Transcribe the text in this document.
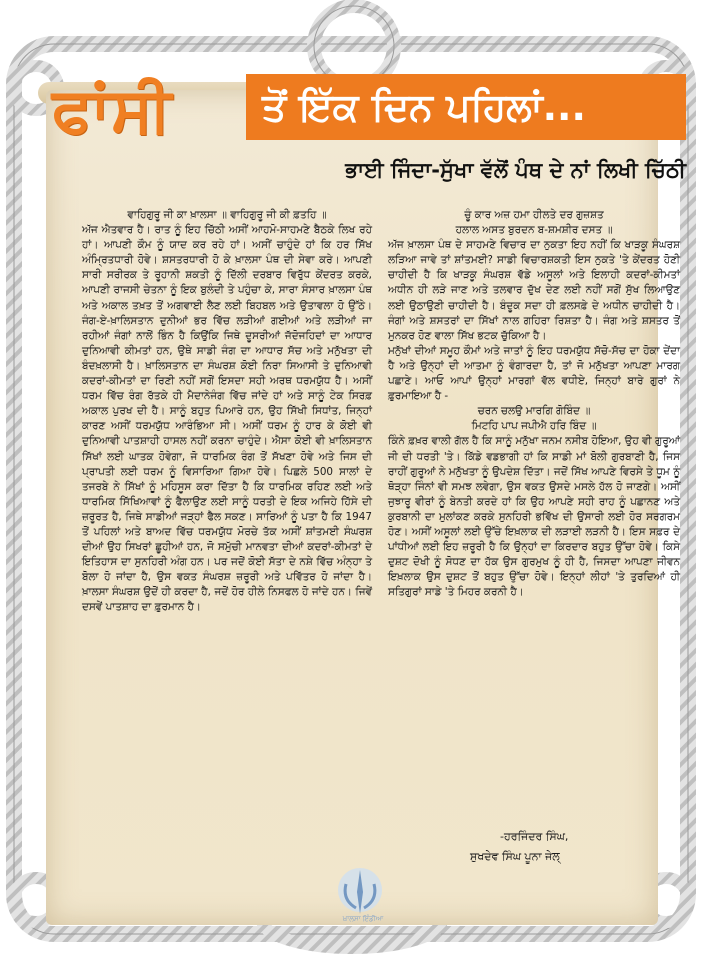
ਫਾਂਸੀ ਤੋਂ ਇੱਕ ਦਿਨ ਪਹਿਲਾਂ...
ਭਾਈ ਜਿੰਦਾ-ਸੁੱਖਾ ਵੱਲੋਂ ਪੰਥ ਦੇ ਨਾਂ ਲਿਖੀ ਚਿੱਠੀ

ਵਾਹਿਗੁਰੂ ਜੀ ਕਾ ਖ਼ਾਲਸਾ ॥ ਵਾਹਿਗੁਰੂ ਜੀ ਕੀ ਫ਼ਤਹਿ ॥

ਅੱਜ ਐਤਵਾਰ ਹੈ। ਰਾਤ ਨੂੰ ਇਹ ਚਿੱਠੀ ਅਸੀਂ ਆਹਮੋ-ਸਾਹਮਣੇ ਬੈਠਕੇ ਲਿਖ ਰਹੇ ਹਾਂ। ਆਪਣੀ ਕੌਮ ਨੂੰ ਯਾਦ ਕਰ ਰਹੇ ਹਾਂ। ਅਸੀਂ ਚਾਹੁੰਦੇ ਹਾਂ ਕਿ ਹਰ ਸਿੱਖ ਅੰਮ੍ਰਿਤਧਾਰੀ ਹੋਵੇ। ਸ਼ਸਤਰਧਾਰੀ ਹੋ ਕੇ ਖ਼ਾਲਸਾ ਪੰਥ ਦੀ ਸੇਵਾ ਕਰੇ। ਆਪਣੀ ਸਾਰੀ ਸਰੀਰਕ ਤੇ ਰੂਹਾਨੀ ਸ਼ਕਤੀ ਨੂੰ ਦਿੱਲੀ ਦਰਬਾਰ ਵਿਰੁੱਧ ਕੇਂਦਰਤ ਕਰਕੇ, ਆਪਣੀ ਰਾਜਸੀ ਚੇਤਨਾ ਨੂੰ ਇਕ ਬੁਲੰਦੀ ਤੇ ਪਹੁੰਚਾ ਕੇ, ਸਾਰਾ ਸੰਸਾਰ ਖ਼ਾਲਸਾ ਪੰਥ ਅਤੇ ਅਕਾਲ ਤਖ਼ਤ ਤੋਂ ਅਗਵਾਈ ਲੈਣ ਲਈ ਬਿਹਬਲ ਅਤੇ ਉਤਾਵਲਾ ਹੋ ਉੱਠੇ। ਜੰਗ-ਏ-ਖ਼ਾਲਿਸਤਾਨ ਦੁਨੀਆਂ ਭਰ ਵਿੱਚ ਲੜੀਆਂ ਗਈਆਂ ਅਤੇ ਲੜੀਆਂ ਜਾ ਰਹੀਆਂ ਜੰਗਾਂ ਨਾਲੋਂ ਭਿੰਨ ਹੈ ਕਿਉਂਕਿ ਜਿਥੇ ਦੂਸਰੀਆਂ ਜੱਦੋਜਹਿਦਾਂ ਦਾ ਆਧਾਰ ਦੁਨਿਆਵੀ ਕੀਮਤਾਂ ਹਨ, ਉਥੇ ਸਾਡੀ ਜੰਗ ਦਾ ਆਧਾਰ ਸੱਚ ਅਤੇ ਮਨੁੱਖਤਾ ਦੀ ਬੰਦਖ਼ਲਾਸੀ ਹੈ। ਖ਼ਾਲਿਸਤਾਨ ਦਾ ਸੰਘਰਸ਼ ਕੋਈ ਨਿਰਾ ਸਿਆਸੀ ਤੇ ਦੁਨਿਆਵੀ ਕਦਰਾਂ-ਕੀਮਤਾਂ ਦਾ ਰਿਣੀ ਨਹੀਂ ਸਗੋਂ ਇਸਦਾ ਸਹੀ ਅਰਥ ਧਰਮਯੁੱਧ ਹੈ। ਅਸੀਂ ਧਰਮ ਵਿੱਚ ਰੰਗ ਰੱਤਕੇ ਹੀ ਮੈਦਾਨੇਜੰਗ ਵਿੱਚ ਜਾਂਦੇ ਹਾਂ ਅਤੇ ਸਾਨੂੰ ਟੇਕ ਸਿਰਫ਼ ਅਕਾਲ ਪੁਰਖ ਦੀ ਹੈ। ਸਾਨੂੰ ਬਹੁਤ ਪਿਆਰੇ ਹਨ, ਉਹ ਸਿੱਖੀ ਸਿਧਾਂਤ, ਜਿਨ੍ਹਾਂ ਕਾਰਣ ਅਸੀਂ ਧਰਮਯੁੱਧ ਆਰੰਭਿਆ ਸੀ। ਅਸੀਂ ਧਰਮ ਨੂੰ ਹਾਰ ਕੇ ਕੋਈ ਵੀ ਦੁਨਿਆਵੀ ਪਾਤਸ਼ਾਹੀ ਹਾਸਲ ਨਹੀਂ ਕਰਨਾ ਚਾਹੁੰਦੇ। ਐਸਾ ਕੋਈ ਵੀ ਖ਼ਾਲਿਸਤਾਨ ਸਿੱਖਾਂ ਲਈ ਘਾਤਕ ਹੋਵੇਗਾ, ਜੋ ਧਾਰਮਿਕ ਰੰਗ ਤੋਂ ਸੱਖਣਾ ਹੋਵੇ ਅਤੇ ਜਿਸ ਦੀ ਪ੍ਰਾਪਤੀ ਲਈ ਧਰਮ ਨੂੰ ਵਿਸਾਰਿਆ ਗਿਆ ਹੋਵੇ। ਪਿਛਲੇ 500 ਸਾਲਾਂ ਦੇ ਤਜਰਬੇ ਨੇ ਸਿੱਖਾਂ ਨੂੰ ਮਹਿਸੂਸ ਕਰਾ ਦਿੱਤਾ ਹੈ ਕਿ ਧਾਰਮਿਕ ਰਹਿਣ ਲਈ ਅਤੇ ਧਾਰਮਿਕ ਸਿੱਖਿਆਵਾਂ ਨੂੰ ਫੈਲਾਉਣ ਲਈ ਸਾਨੂੰ ਧਰਤੀ ਦੇ ਇਕ ਅਜਿਹੇ ਹਿੱਸੇ ਦੀ ਜ਼ਰੂਰਤ ਹੈ, ਜਿਥੇ ਸਾਡੀਆਂ ਜੜ੍ਹਾਂ ਫੈਲ ਸਕਣ। ਸਾਰਿਆਂ ਨੂੰ ਪਤਾ ਹੈ ਕਿ 1947 ਤੋਂ ਪਹਿਲਾਂ ਅਤੇ ਬਾਅਦ ਵਿੱਚ ਧਰਮਯੁੱਧ ਮੋਰਚੇ ਤੱਕ ਅਸੀਂ ਸ਼ਾਂਤਮਈ ਸੰਘਰਸ਼ ਦੀਆਂ ਉਹ ਸਿਖਰਾਂ ਛੂਹੀਆਂ ਹਨ, ਜੋ ਸਮੁੱਚੀ ਮਾਨਵਤਾ ਦੀਆਂ ਕਦਰਾਂ-ਕੀਮਤਾਂ ਦੇ ਇਤਿਹਾਸ ਦਾ ਸੁਨਹਿਰੀ ਅੰਗ ਹਨ। ਪਰ ਜਦੋਂ ਕੋਈ ਸੱਤਾ ਦੇ ਨਸ਼ੇ ਵਿੱਚ ਅੰਨ੍ਹਾ ਤੇ ਬੋਲਾ ਹੋ ਜਾਂਦਾ ਹੈ, ਉਸ ਵਕਤ ਸੰਘਰਸ਼ ਜ਼ਰੂਰੀ ਅਤੇ ਪਵਿੱਤਰ ਹੋ ਜਾਂਦਾ ਹੈ। ਖ਼ਾਲਸਾ ਸੰਘਰਸ਼ ਉਦੋਂ ਹੀ ਕਰਦਾ ਹੈ, ਜਦੋਂ ਹੋਰ ਹੀਲੇ ਨਿਸਫਲ ਹੋ ਜਾਂਦੇ ਹਨ। ਜਿਵੇਂ ਦਸਵੇਂ ਪਾਤਸ਼ਾਹ ਦਾ ਫ਼ੁਰਮਾਨ ਹੈ।

ਚੂੰ ਕਾਰ ਅਜ਼ ਹਮਾ ਹੀਲਤੇ ਦਰ ਗੁਜ਼ਸ਼ਤ

ਹਲਾਲ ਅਸਤ ਬੁਰਦਨ ਬ-ਸ਼ਮਸ਼ੀਰ ਦਸਤ ॥

ਅੱਜ ਖ਼ਾਲਸਾ ਪੰਥ ਦੇ ਸਾਹਮਣੇ ਵਿਚਾਰ ਦਾ ਨੁਕਤਾ ਇਹ ਨਹੀਂ ਕਿ ਖਾੜਕੂ ਸੰਘਰਸ਼ ਲੜਿਆ ਜਾਵੇ ਤਾਂ ਸ਼ਾਂਤਮਈ? ਸਾਡੀ ਵਿਚਾਰਸ਼ਕਤੀ ਇਸ ਨੁਕਤੇ 'ਤੇ ਕੇਂਦਰਤ ਹੋਣੀ ਚਾਹੀਦੀ ਹੈ ਕਿ ਖਾੜਕੂ ਸੰਘਰਸ਼ ਵੱਡੇ ਅਸੂਲਾਂ ਅਤੇ ਇਲਾਹੀ ਕਦਰਾਂ-ਕੀਮਤਾਂ ਅਧੀਨ ਹੀ ਲੜੇ ਜਾਣ ਅਤੇ ਤਲਵਾਰ ਦੁੱਖ ਦੇਣ ਲਈ ਨਹੀਂ ਸਗੋਂ ਸੁੱਖ ਲਿਆਉਣ ਲਈ ਉਠਾਉਣੀ ਚਾਹੀਦੀ ਹੈ। ਬੰਦੂਕ ਸਦਾ ਹੀ ਫ਼ਲਸਫ਼ੇ ਦੇ ਅਧੀਨ ਚਾਹੀਦੀ ਹੈ। ਜੰਗਾਂ ਅਤੇ ਸ਼ਸਤਰਾਂ ਦਾ ਸਿੱਖਾਂ ਨਾਲ ਗਹਿਰਾ ਰਿਸ਼ਤਾ ਹੈ। ਜੰਗ ਅਤੇ ਸ਼ਸਤਰ ਤੋਂ ਮੁਨਕਰ ਹੋਣ ਵਾਲਾ ਸਿੱਖ ਭਟਕ ਚੁੱਕਿਆ ਹੈ।

ਮਨੁੱਖਾਂ ਦੀਆਂ ਸਮੂਹ ਕੌਮਾਂ ਅਤੇ ਜਾਤਾਂ ਨੂੰ ਇਹ ਧਰਮਯੁੱਧ ਸੱਚੋ-ਸੱਚ ਦਾ ਹੋਕਾ ਦੇਂਦਾ ਹੈ ਅਤੇ ਉਨ੍ਹਾਂ ਦੀ ਆਤਮਾ ਨੂੰ ਵੰਗਾਰਦਾ ਹੈ, ਤਾਂ ਜੋ ਮਨੁੱਖਤਾ ਆਪਣਾ ਮਾਰਗ ਪਛਾਣੇ। ਆਓ ਆਪਾਂ ਉਨ੍ਹਾਂ ਮਾਰਗਾਂ ਵੱਲ ਵਧੀਏ, ਜਿਨ੍ਹਾਂ ਬਾਰੇ ਗੁਰਾਂ ਨੇ ਫ਼ੁਰਮਾਇਆ ਹੈ -

ਚਰਨ ਚਲਉ ਮਾਰਗਿ ਗੋਬਿੰਦ ॥

ਮਿਟਹਿ ਪਾਪ ਜਪੀਐ ਹਰਿ ਬਿੰਦ ॥

ਕਿੰਨੇ ਫ਼ਖ਼ਰ ਵਾਲੀ ਗੱਲ ਹੈ ਕਿ ਸਾਨੂੰ ਮਨੁੱਖਾ ਜਨਮ ਨਸੀਬ ਹੋਇਆ, ਉਹ ਵੀ ਗੁਰੂਆਂ ਜੀ ਦੀ ਧਰਤੀ 'ਤੇ। ਕਿੱਡੇ ਵਡਭਾਗੀ ਹਾਂ ਕਿ ਸਾਡੀ ਮਾਂ ਬੋਲੀ ਗੁਰਬਾਣੀ ਹੈ, ਜਿਸ ਰਾਹੀਂ ਗੁਰੂਆਂ ਨੇ ਮਨੁੱਖਤਾ ਨੂੰ ਉਪਦੇਸ਼ ਦਿੱਤਾ। ਜਦੋਂ ਸਿੱਖ ਆਪਣੇ ਵਿਰਸੇ ਤੇ ਧੂਮ ਨੂੰ ਥੋੜ੍ਹਾ ਜਿੰਨਾਂ ਵੀ ਸਮਝ ਲਵੇਗਾ, ਉਸ ਵਕਤ ਉਸਦੇ ਮਸਲੇ ਹੱਲ ਹੋ ਜਾਣਗੇ। ਅਸੀਂ ਜੁਝਾਰੂ ਵੀਰਾਂ ਨੂੰ ਬੇਨਤੀ ਕਰਦੇ ਹਾਂ ਕਿ ਉਹ ਆਪਣੇ ਸਹੀ ਰਾਹ ਨੂੰ ਪਛਾਨਣ ਅਤੇ ਕੁਰਬਾਨੀ ਦਾ ਮੁਲਾਂਕਣ ਕਰਕੇ ਸੁਨਹਿਰੀ ਭਵਿੱਖ ਦੀ ਉਸਾਰੀ ਲਈ ਹੋਰ ਸਰਗਰਮ ਹੋਣ। ਅਸੀਂ ਅਸੂਲਾਂ ਲਈ ਉੱਚੇ ਇਖ਼ਲਾਕ ਦੀ ਲੜਾਈ ਲੜਨੀ ਹੈ। ਇਸ ਸਫ਼ਰ ਦੇ ਪਾਂਧੀਆਂ ਲਈ ਇਹ ਜ਼ਰੂਰੀ ਹੈ ਕਿ ਉਨ੍ਹਾਂ ਦਾ ਕਿਰਦਾਰ ਬਹੁਤ ਉੱਚਾ ਹੋਵੇ। ਕਿਸੇ ਦੁਸ਼ਟ ਦੋਖੀ ਨੂੰ ਸੋਧਣ ਦਾ ਹੱਕ ਉਸ ਗੁਰਮੁਖ ਨੂੰ ਹੀ ਹੈ, ਜਿਸਦਾ ਆਪਣਾ ਜੀਵਨ ਇਖ਼ਲਾਕ ਉਸ ਦੁਸ਼ਟ ਤੋਂ ਬਹੁਤ ਉੱਚਾ ਹੋਵੇ। ਇਨ੍ਹਾਂ ਲੀਹਾਂ 'ਤੇ ਤੁਰਦਿਆਂ ਹੀ ਸਤਿਗੁਰਾਂ ਸਾਡੇ 'ਤੇ ਮਿਹਰ ਕਰਨੀ ਹੈ।

-ਹਰਜਿੰਦਰ ਸਿੰਘ,
ਸੁਖਦੇਵ ਸਿੰਘ ਪੂਨਾ ਜੇਲ੍
ਖ਼ਾਲਸਾ ਇੰਡੀਆ
